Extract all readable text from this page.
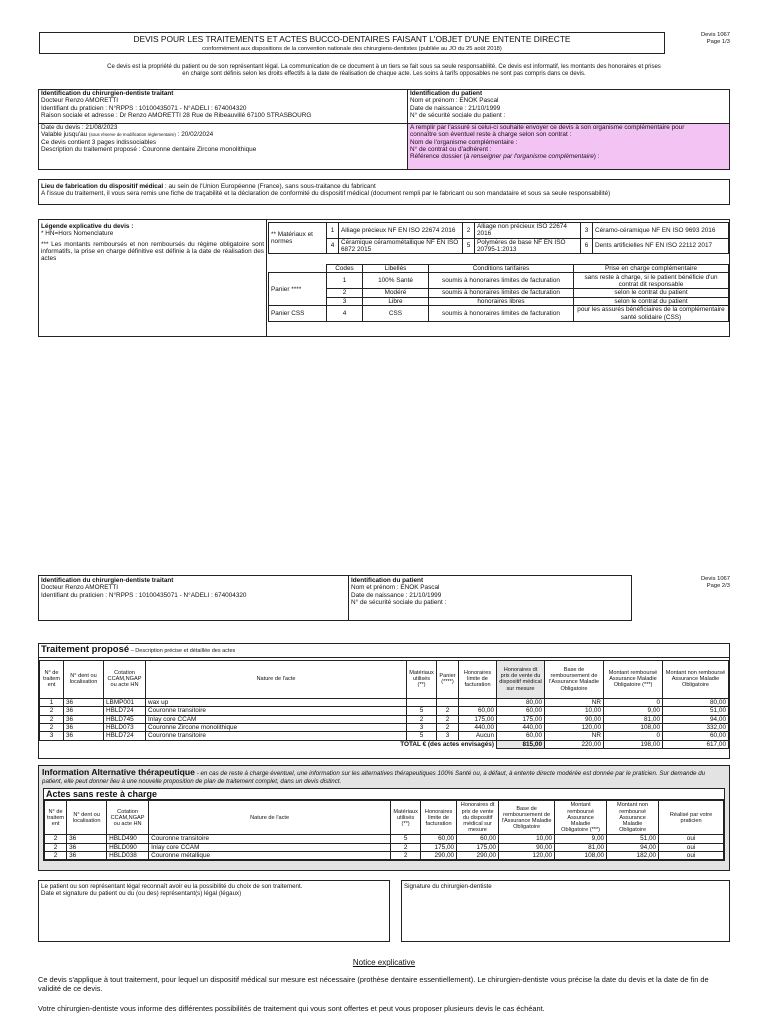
DEVIS POUR LES TRAITEMENTS ET ACTES BUCCO-DENTAIRES FAISANT L'OBJET D'UNE ENTENTE DIRECTE
conformément aux dispositions de la convention nationale des chirurgiens-dentistes (publiée au JO du 25 août 2018)
Devis 1067
Page 1/3
Ce devis est la propriété du patient ou de son représentant légal. La communication de ce document à un tiers se fait sous sa seule responsabilité. Ce devis est informatif, les montants des honoraires et prises
en charge sont définis selon les droits effectifs à la date de réalisation de chaque acte. Les soins à tarifs opposables ne sont pas compris dans ce devis.
Identification du chirurgien-dentiste traitant
Docteur Renzo AMORETTI
Identifiant du praticien : N°RPPS : 10100435071 - N°ADELI : 674004320
Raison sociale et adresse : Dr Renzo AMORETTI 28 Rue de Ribeauvillé 67100 STRASBOURG
Identification du patient
Nom et prénom : ENOK Pascal
Date de naissance : 21/10/1999
N° de sécurité sociale du patient :
Date du devis : 21/08/2023
Valable jusqu'au (sous réserve de modification réglementaire) : 20/02/2024
Ce devis contient 3 pages indissociables
Description du traitement proposé : Couronne dentaire Zircone monolithique
A remplir par l'assuré si celui-ci souhaite envoyer ce devis à son organisme complémentaire pour
connaître son éventuel reste à charge selon son contrat :
Nom de l'organisme complémentaire :
N° de contrat ou d'adhérent :
Référence dossier (à renseigner par l'organisme complémentaire) :
Lieu de fabrication du dispositif médical : au sein de l'Union Européenne (France), sans sous-traitance du fabricant
A l'issue du traitement, il vous sera remis une fiche de traçabilité et la déclaration de conformité du dispositif médical (document rempli par le fabricant ou son mandataire et sous sa seule responsabilité)
Légende explicative du devis :
* HN=Hors Nomenclature
*** Les montants remboursés et non remboursés du régime obligatoire sont informatifs, la prise en charge définitive est définie à la date de réalisation des actes
** Matériaux et normes	1	Alliage précieux NF EN ISO 22674 2016	2	Alliage non précieux ISO 22674 2016	3	Céramo-céramique NF EN ISO 9693 2016
	4	Céramique céramométallique NF EN ISO 6872 2015	5	Polymères de base NF EN ISO 20795-1:2013	6	Dents artificielles NF EN ISO 22112 2017
	Codes	Libellés	Conditions tarifaires	Prise en charge complémentaire
Panier ****	1	100% Santé	soumis à honoraires limites de facturation	sans reste à charge, si le patient bénéficie d'un contrat dit responsable
	2	Modéré	soumis à honoraires limites de facturation	selon le contrat du patient
	3	Libre	honoraires libres	selon le contrat du patient
Panier CSS	4	CSS	soumis à honoraires limites de facturation	pour les assurés bénéficiaires de la complémentaire santé solidaire (CSS)
Devis 1067
Page 2/3
Identification du chirurgien-dentiste traitant
Docteur Renzo AMORETTI
Identifiant du praticien : N°RPPS : 10100435071 - N°ADELI : 674004320
Identification du patient
Nom et prénom : ENOK Pascal
Date de naissance : 21/10/1999
N° de sécurité sociale du patient :
Traitement proposé – Description précise et détaillée des actes
N° de traitem ent	N° dent ou localisation	Cotation CCAM,NGAP ou acte HN	Nature de l'acte	Matériaux utilisés (**)	Panier (****)	Honoraires limite de facturation	Honoraires dt prix de vente du dispositif médical sur mesure	Base de remboursement de l'Assurance Maladie Obligatoire	Montant remboursé Assurance Maladie Obligatoire (***)	Montant non remboursé Assurance Maladie Obligatoire
1	36	LBMP001	wax up				80,00	NR	0	80,00
2	36	HBLD724	Couronne transitoire	5	2	60,00	60,00	10,00	9,00	51,00
2	36	HBLD745	Inlay core CCAM	2	2	175,00	175,00	90,00	81,00	94,00
2	36	HBLD073	Couronne Zircone monolithique	3	2	440,00	440,00	120,00	108,00	332,00
3	36	HBLD724	Couronne transitoire	5	3	Aucun	60,00	NR	0	60,00
TOTAL € (des actes envisagés)							815,00	220,00	198,00	617,00
Information Alternative thérapeutique - en cas de reste à charge éventuel, une information sur les alternatives thérapeutiques 100% Santé ou, à défaut, à entente directe modérée est donnée par le praticien. Sur demande du patient, elle peut donner lieu à une nouvelle proposition de plan de traitement complet, dans un devis distinct.
Actes sans reste à charge
N° de traitem ent	N° dent ou localisation	Cotation CCAM,NGAP ou acte HN	Nature de l'acte	Matériaux utilisés (**)	Honoraires limite de facturation	Honoraires dt prix de vente du dispositif médical sur mesure	Base de remboursement de l'Assurance Maladie Obligatoire	Montant remboursé Assurance Maladie Obligatoire (***)	Montant non remboursé Assurance Maladie Obligatoire	Réalisé par votre praticien
2	36	HBLD490	Couronne transitoire	5	60,00	60,00	10,00	9,00	51,00	oui
2	36	HBLD090	Inlay core CCAM	2	175,00	175,00	90,00	81,00	94,00	oui
2	36	HBLD038	Couronne métallique	2	290,00	290,00	120,00	108,00	182,00	oui
Le patient ou son représentant légal reconnaît avoir eu la possibilité du choix de son traitement.
Date et signature du patient ou du (ou des) représentant(s) légal (légaux)
Signature du chirurgien-dentiste
Notice explicative
Ce devis s'applique à tout traitement, pour lequel un dispositif médical sur mesure est nécessaire (prothèse dentaire essentiellement). Le chirurgien-dentiste vous précise la date du devis et la date de fin de validité de ce devis.
Votre chirurgien-dentiste vous informe des différentes possibilités de traitement qui vous sont offertes et peut vous proposer plusieurs devis le cas échéant.
